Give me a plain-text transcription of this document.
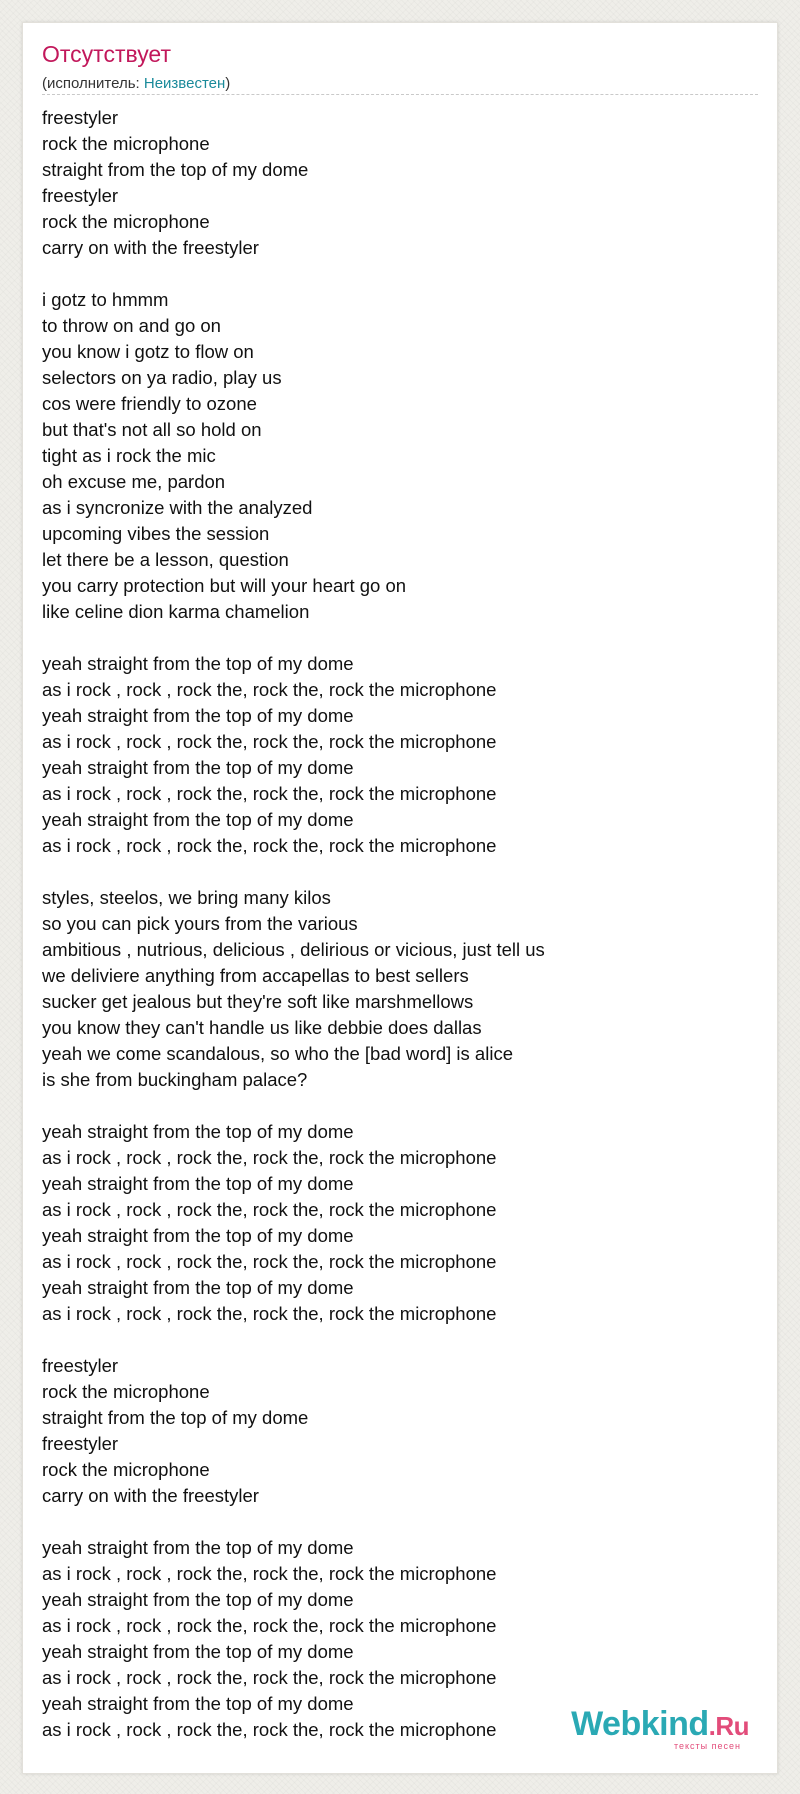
Отсутствует
(исполнитель: Неизвестен)
freestyler
rock the microphone
straight from the top of my dome
freestyler
rock the microphone
carry on with the freestyler
i gotz to hmmm
to throw on and go on
you know i gotz to flow on
selectors on ya radio, play us
cos were friendly to ozone
but that's not all so hold on
tight as i rock the mic
oh excuse me, pardon
as i syncronize with the analyzed
upcoming vibes the session
let there be a lesson, question
you carry protection but will your heart go on
like celine dion karma chamelion
yeah straight from the top of my dome
as i rock , rock , rock the, rock the, rock the microphone
yeah straight from the top of my dome
as i rock , rock , rock the, rock the, rock the microphone
yeah straight from the top of my dome
as i rock , rock , rock the, rock the, rock the microphone
yeah straight from the top of my dome
as i rock , rock , rock the, rock the, rock the microphone
styles, steelos, we bring many kilos
so you can pick yours from the various
ambitious , nutrious, delicious , delirious or vicious, just tell us
we deliviere anything from accapellas to best sellers
sucker get jealous but they're soft like marshmellows
you know they can't handle us like debbie does dallas
yeah we come scandalous, so who the [bad word] is alice
is she from buckingham palace?
yeah straight from the top of my dome
as i rock , rock , rock the, rock the, rock the microphone
yeah straight from the top of my dome
as i rock , rock , rock the, rock the, rock the microphone
yeah straight from the top of my dome
as i rock , rock , rock the, rock the, rock the microphone
yeah straight from the top of my dome
as i rock , rock , rock the, rock the, rock the microphone
freestyler
rock the microphone
straight from the top of my dome
freestyler
rock the microphone
carry on with the freestyler
yeah straight from the top of my dome
as i rock , rock , rock the, rock the, rock the microphone
yeah straight from the top of my dome
as i rock , rock , rock the, rock the, rock the microphone
yeah straight from the top of my dome
as i rock , rock , rock the, rock the, rock the microphone
yeah straight from the top of my dome
as i rock , rock , rock the, rock the, rock the microphone	Webkind.Ru
тексты песен
